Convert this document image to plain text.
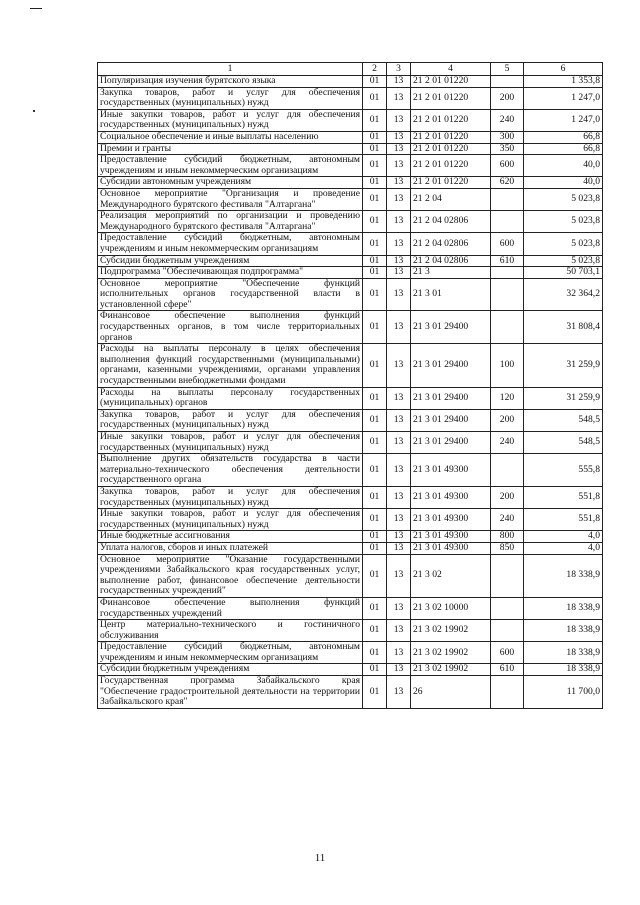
1	2	3	4	5	6
Популяризация изучения бурятского языка	01	13	21 2 01 01220		1 353,8
Закупка товаров, работ и услуг для обеспечения государственных (муниципальных) нужд	01	13	21 2 01 01220	200	1 247,0
Иные закупки товаров, работ и услуг для обеспечения государственных (муниципальных) нужд	01	13	21 2 01 01220	240	1 247,0
Социальное обеспечение и иные выплаты населению	01	13	21 2 01 01220	300	66,8
Премии и гранты	01	13	21 2 01 01220	350	66,8
Предоставление субсидий бюджетным, автономным учреждениям и иным некоммерческим организациям	01	13	21 2 01 01220	600	40,0
Субсидии автономным учреждениям	01	13	21 2 01 01220	620	40,0
Основное мероприятие "Организация и проведение Международного бурятского фестиваля "Алтаргана"	01	13	21 2 04		5 023,8
Реализация мероприятий по организации и проведению Международного бурятского фестиваля "Алтаргана"	01	13	21 2 04 02806		5 023,8
Предоставление субсидий бюджетным, автономным учреждениям и иным некоммерческим организациям	01	13	21 2 04 02806	600	5 023,8
Субсидии бюджетным учреждениям	01	13	21 2 04 02806	610	5 023,8
Подпрограмма "Обеспечивающая подпрограмма"	01	13	21 3		50 703,1
Основное мероприятие "Обеспечение функций исполнительных органов государственной власти в установленной сфере"	01	13	21 3 01		32 364,2
Финансовое обеспечение выполнения функций государственных органов, в том числе территориальных органов	01	13	21 3 01 29400		31 808,4
Расходы на выплаты персоналу в целях обеспечения выполнения функций государственными (муниципальными) органами, казенными учреждениями, органами управления государственными внебюджетными фондами	01	13	21 3 01 29400	100	31 259,9
Расходы на выплаты персоналу государственных (муниципальных) органов	01	13	21 3 01 29400	120	31 259,9
Закупка товаров, работ и услуг для обеспечения государственных (муниципальных) нужд	01	13	21 3 01 29400	200	548,5
Иные закупки товаров, работ и услуг для обеспечения государственных (муниципальных) нужд	01	13	21 3 01 29400	240	548,5
Выполнение других обязательств государства в части материально-технического обеспечения деятельности государственного органа	01	13	21 3 01 49300		555,8
Закупка товаров, работ и услуг для обеспечения государственных (муниципальных) нужд	01	13	21 3 01 49300	200	551,8
Иные закупки товаров, работ и услуг для обеспечения государственных (муниципальных) нужд	01	13	21 3 01 49300	240	551,8
Иные бюджетные ассигнования	01	13	21 3 01 49300	800	4,0
Уплата налогов, сборов и иных платежей	01	13	21 3 01 49300	850	4,0
Основное мероприятие "Оказание государственными учреждениями Забайкальского края государственных услуг, выполнение работ, финансовое обеспечение деятельности государственных учреждений"	01	13	21 3 02		18 338,9
Финансовое обеспечение выполнения функций государственных учреждений	01	13	21 3 02 10000		18 338,9
Центр материально-технического и гостиничного обслуживания	01	13	21 3 02 19902		18 338,9
Предоставление субсидий бюджетным, автономным учреждениям и иным некоммерческим организациям	01	13	21 3 02 19902	600	18 338,9
Субсидии бюджетным учреждениям	01	13	21 3 02 19902	610	18 338,9
Государственная программа Забайкальского края "Обеспечение градостроительной деятельности на территории Забайкальского края"	01	13	26		11 700,0
11
